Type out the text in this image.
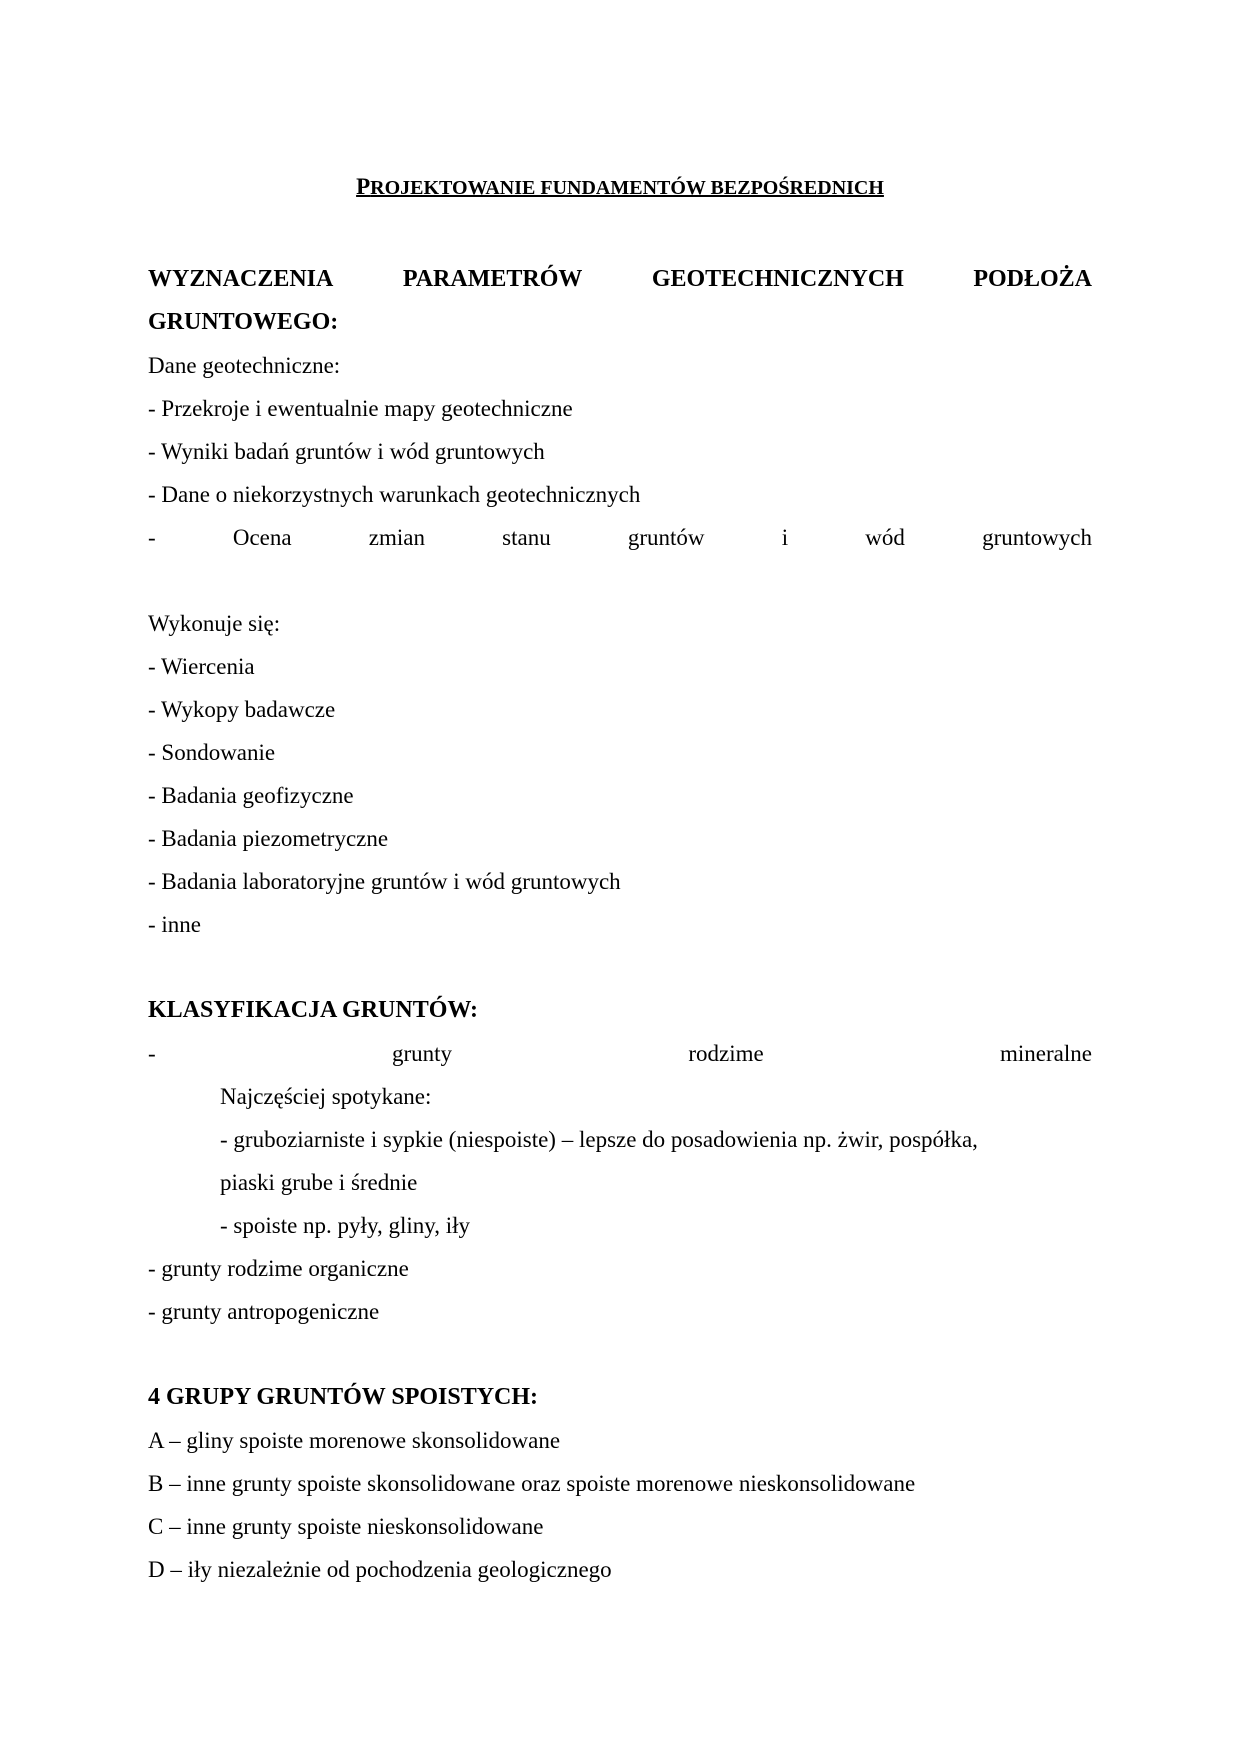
PROJEKTOWANIE FUNDAMENTÓW BEZPOŚREDNICH
WYZNACZENIA	PARAMETRÓW	GEOTECHNICZNYCH	PODŁOŻA
GRUNTOWEGO:
Dane geotechniczne:
- Przekroje i ewentualnie mapy geotechniczne
- Wyniki badań gruntów i wód gruntowych
- Dane o niekorzystnych warunkach geotechnicznych
-	Ocena	zmian	stanu	gruntów	i	wód	gruntowych
Wykonuje się:
- Wiercenia
- Wykopy badawcze
- Sondowanie
- Badania geofizyczne
- Badania piezometryczne
- Badania laboratoryjne gruntów i wód gruntowych
- inne
KLASYFIKACJA GRUNTÓW:
-	grunty	rodzime	mineralne
Najczęściej spotykane:
- gruboziarniste i sypkie (niespoiste) – lepsze do posadowienia np. żwir, pospółka,
piaski grube i średnie
- spoiste np. pyły, gliny, iły
- grunty rodzime organiczne
- grunty antropogeniczne
4 GRUPY GRUNTÓW SPOISTYCH:
A – gliny spoiste morenowe skonsolidowane
B – inne grunty spoiste skonsolidowane oraz spoiste morenowe nieskonsolidowane
C – inne grunty spoiste nieskonsolidowane
D – iły niezależnie od pochodzenia geologicznego
